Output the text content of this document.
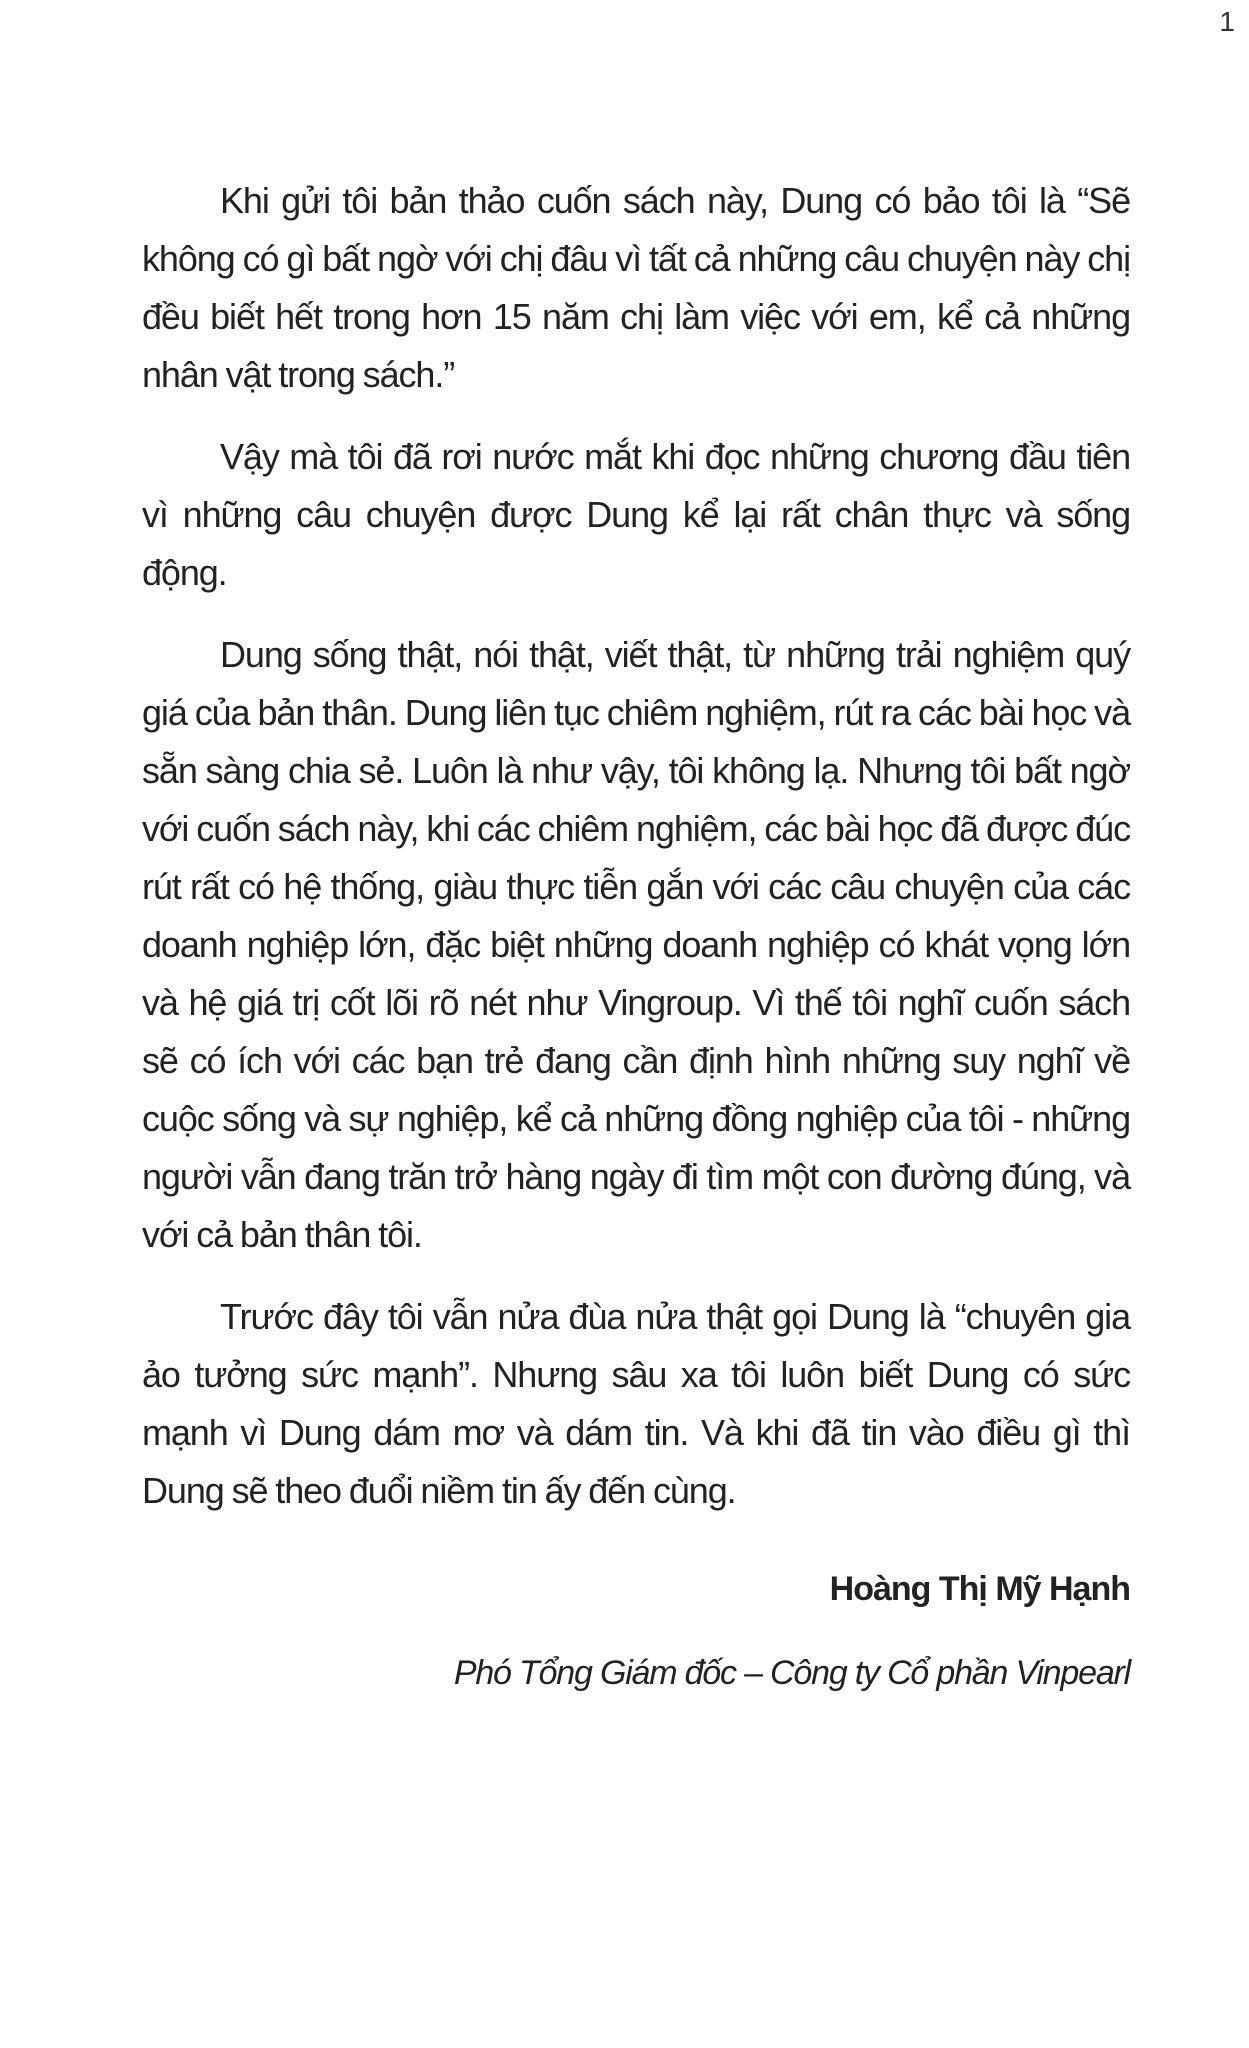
1

Khi gửi tôi bản thảo cuốn sách này, Dung có bảo tôi là “Sẽ không có gì bất ngờ với chị đâu vì tất cả những câu chuyện này chị đều biết hết trong hơn 15 năm chị làm việc với em, kể cả những nhân vật trong sách.”

Vậy mà tôi đã rơi nước mắt khi đọc những chương đầu tiên vì những câu chuyện được Dung kể lại rất chân thực và sống động.

Dung sống thật, nói thật, viết thật, từ những trải nghiệm quý giá của bản thân. Dung liên tục chiêm nghiệm, rút ra các bài học và sẵn sàng chia sẻ. Luôn là như vậy, tôi không lạ. Nhưng tôi bất ngờ với cuốn sách này, khi các chiêm nghiệm, các bài học đã được đúc rút rất có hệ thống, giàu thực tiễn gắn với các câu chuyện của các doanh nghiệp lớn, đặc biệt những doanh nghiệp có khát vọng lớn và hệ giá trị cốt lõi rõ nét như Vingroup. Vì thế tôi nghĩ cuốn sách sẽ có ích với các bạn trẻ đang cần định hình những suy nghĩ về cuộc sống và sự nghiệp, kể cả những đồng nghiệp của tôi - những người vẫn đang trăn trở hàng ngày đi tìm một con đường đúng, và với cả bản thân tôi.

Trước đây tôi vẫn nửa đùa nửa thật gọi Dung là “chuyên gia ảo tưởng sức mạnh”. Nhưng sâu xa tôi luôn biết Dung có sức mạnh vì Dung dám mơ và dám tin. Và khi đã tin vào điều gì thì Dung sẽ theo đuổi niềm tin ấy đến cùng.

Hoàng Thị Mỹ Hạnh

Phó Tổng Giám đốc – Công ty Cổ phần Vinpearl
